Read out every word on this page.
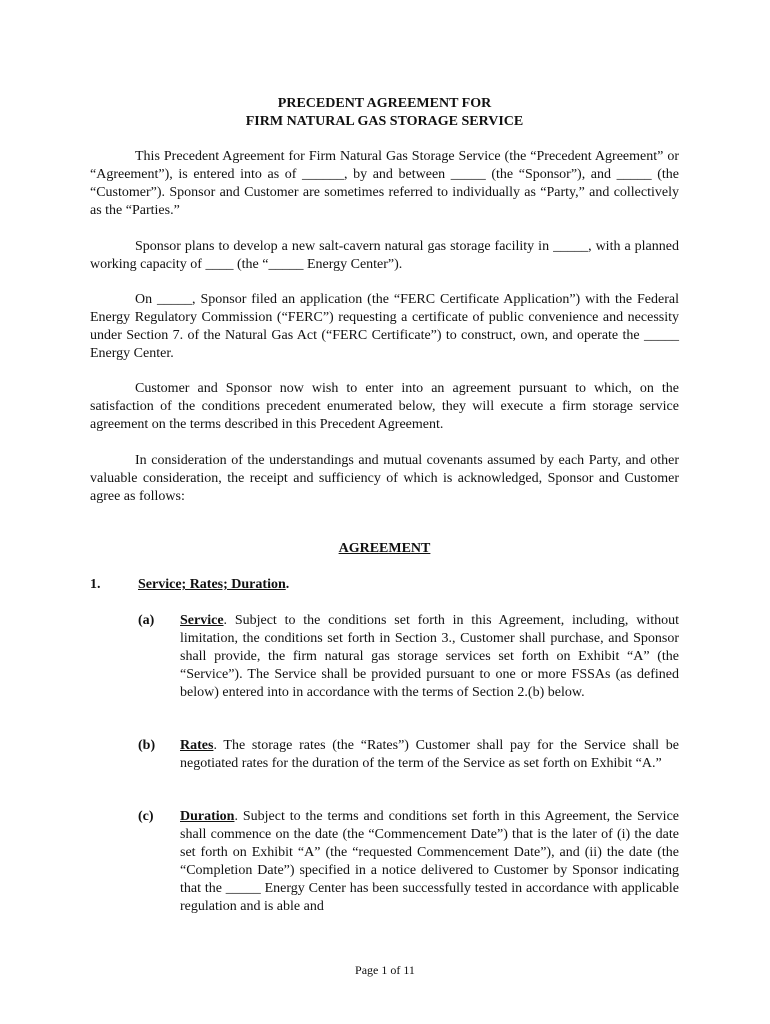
PRECEDENT AGREEMENT FOR
FIRM NATURAL GAS STORAGE SERVICE
This Precedent Agreement for Firm Natural Gas Storage Service (the “Precedent Agreement” or “Agreement”), is entered into as of ______, by and between _____ (the “Sponsor”), and _____ (the “Customer”). Sponsor and Customer are sometimes referred to individually as “Party,” and collectively as the “Parties.”
Sponsor plans to develop a new salt-cavern natural gas storage facility in _____, with a planned working capacity of ____ (the “_____ Energy Center”).
On _____, Sponsor filed an application (the “FERC Certificate Application”) with the Federal Energy Regulatory Commission (“FERC”) requesting a certificate of public convenience and necessity under Section 7. of the Natural Gas Act (“FERC Certificate”) to construct, own, and operate the _____ Energy Center.
Customer and Sponsor now wish to enter into an agreement pursuant to which, on the satisfaction of the conditions precedent enumerated below, they will execute a firm storage service agreement on the terms described in this Precedent Agreement.
In consideration of the understandings and mutual covenants assumed by each Party, and other valuable consideration, the receipt and sufficiency of which is acknowledged, Sponsor and Customer agree as follows:
AGREEMENT
1.	Service; Rates; Duration.
(a) Service. Subject to the conditions set forth in this Agreement, including, without limitation, the conditions set forth in Section 3., Customer shall purchase, and Sponsor shall provide, the firm natural gas storage services set forth on Exhibit “A” (the “Service”). The Service shall be provided pursuant to one or more FSSAs (as defined below) entered into in accordance with the terms of Section 2.(b) below.
(b) Rates. The storage rates (the “Rates”) Customer shall pay for the Service shall be negotiated rates for the duration of the term of the Service as set forth on Exhibit “A.”
(c) Duration. Subject to the terms and conditions set forth in this Agreement, the Service shall commence on the date (the “Commencement Date”) that is the later of (i) the date set forth on Exhibit “A” (the “requested Commencement Date”), and (ii) the date (the “Completion Date”) specified in a notice delivered to Customer by Sponsor indicating that the _____ Energy Center has been successfully tested in accordance with applicable regulation and is able and
Page 1 of 11
